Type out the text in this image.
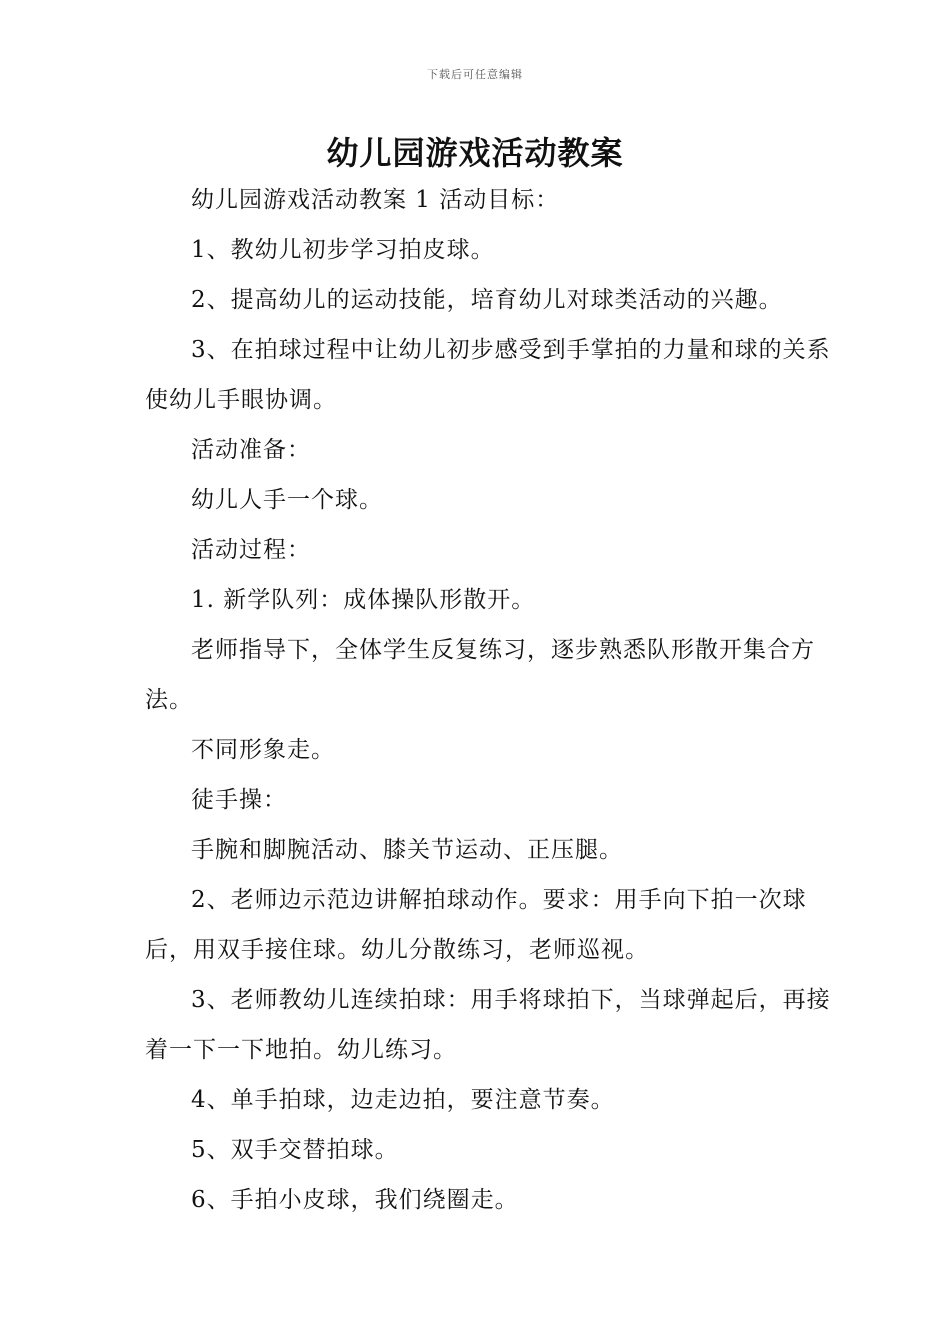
下载后可任意编辑
幼儿园游戏活动教案

幼儿园游戏活动教案 1 活动目标：

1、教幼儿初步学习拍皮球。

2、提高幼儿的运动技能，培育幼儿对球类活动的兴趣。

3、在拍球过程中让幼儿初步感受到手掌拍的力量和球的关系使幼儿手眼协调。

活动准备：

幼儿人手一个球。

活动过程：

1. 新学队列：成体操队形散开。

老师指导下，全体学生反复练习，逐步熟悉队形散开集合方法。

不同形象走。

徒手操：

手腕和脚腕活动、膝关节运动、正压腿。

2、老师边示范边讲解拍球动作。要求：用手向下拍一次球后，用双手接住球。幼儿分散练习，老师巡视。

3、老师教幼儿连续拍球：用手将球拍下，当球弹起后，再接着一下一下地拍。幼儿练习。

4、单手拍球，边走边拍，要注意节奏。

5、双手交替拍球。

6、手拍小皮球，我们绕圈走。
